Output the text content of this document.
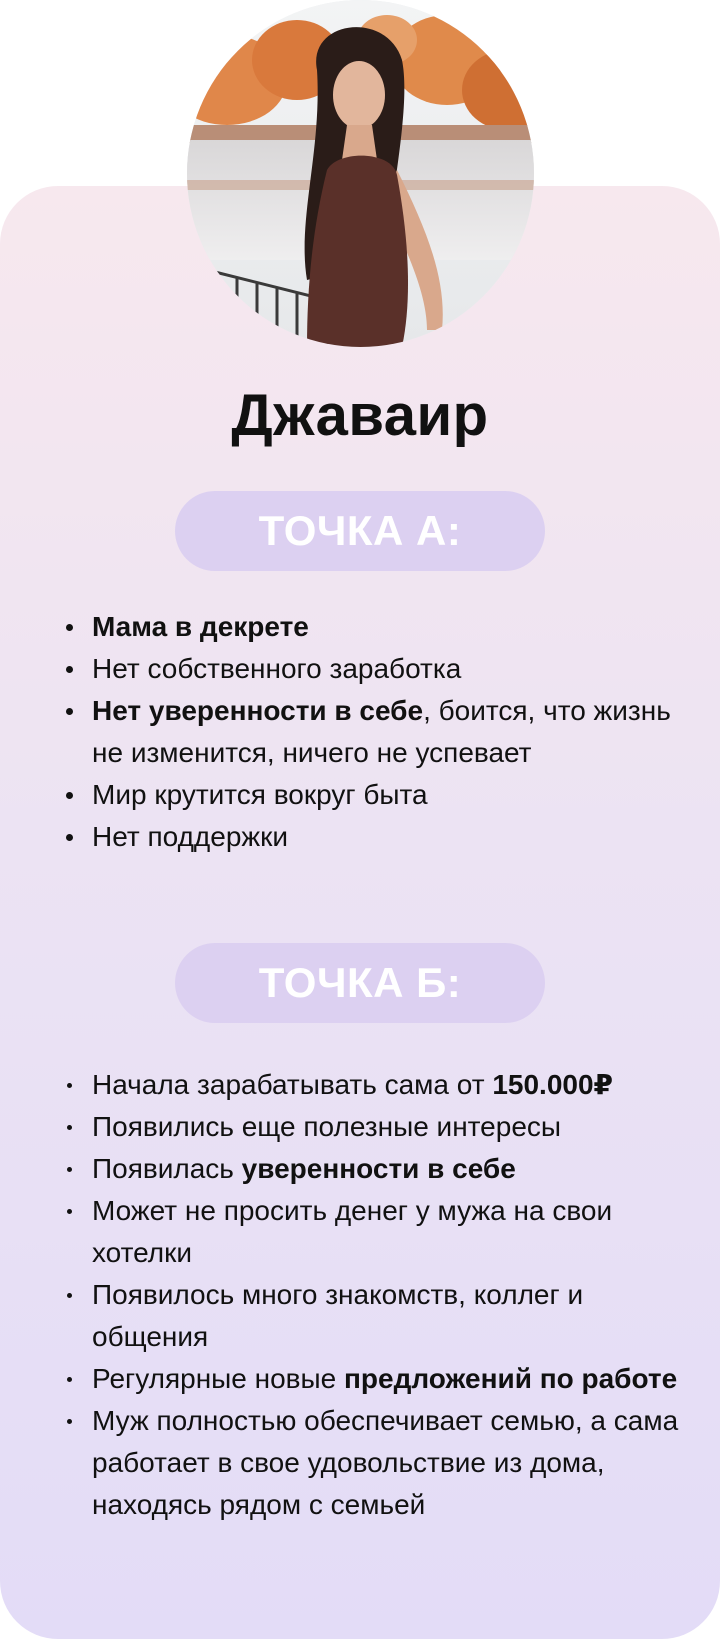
Джаваир
ТОЧКА А:
Мама в декрете
Нет собственного заработка
Нет уверенности в себе, боится, что жизнь не изменится, ничего не успевает
Мир крутится вокруг быта
Нет поддержки
ТОЧКА Б:
Начала зарабатывать сама от 150.000₽
Появились еще полезные интересы
Появилась уверенности в себе
Может не просить денег у мужа на свои хотелки
Появилось много знакомств, коллег и общения
Регулярные новые предложений по работе
Муж полностью обеспечивает семью, а сама работает в свое удовольствие из дома, находясь рядом с семьей
